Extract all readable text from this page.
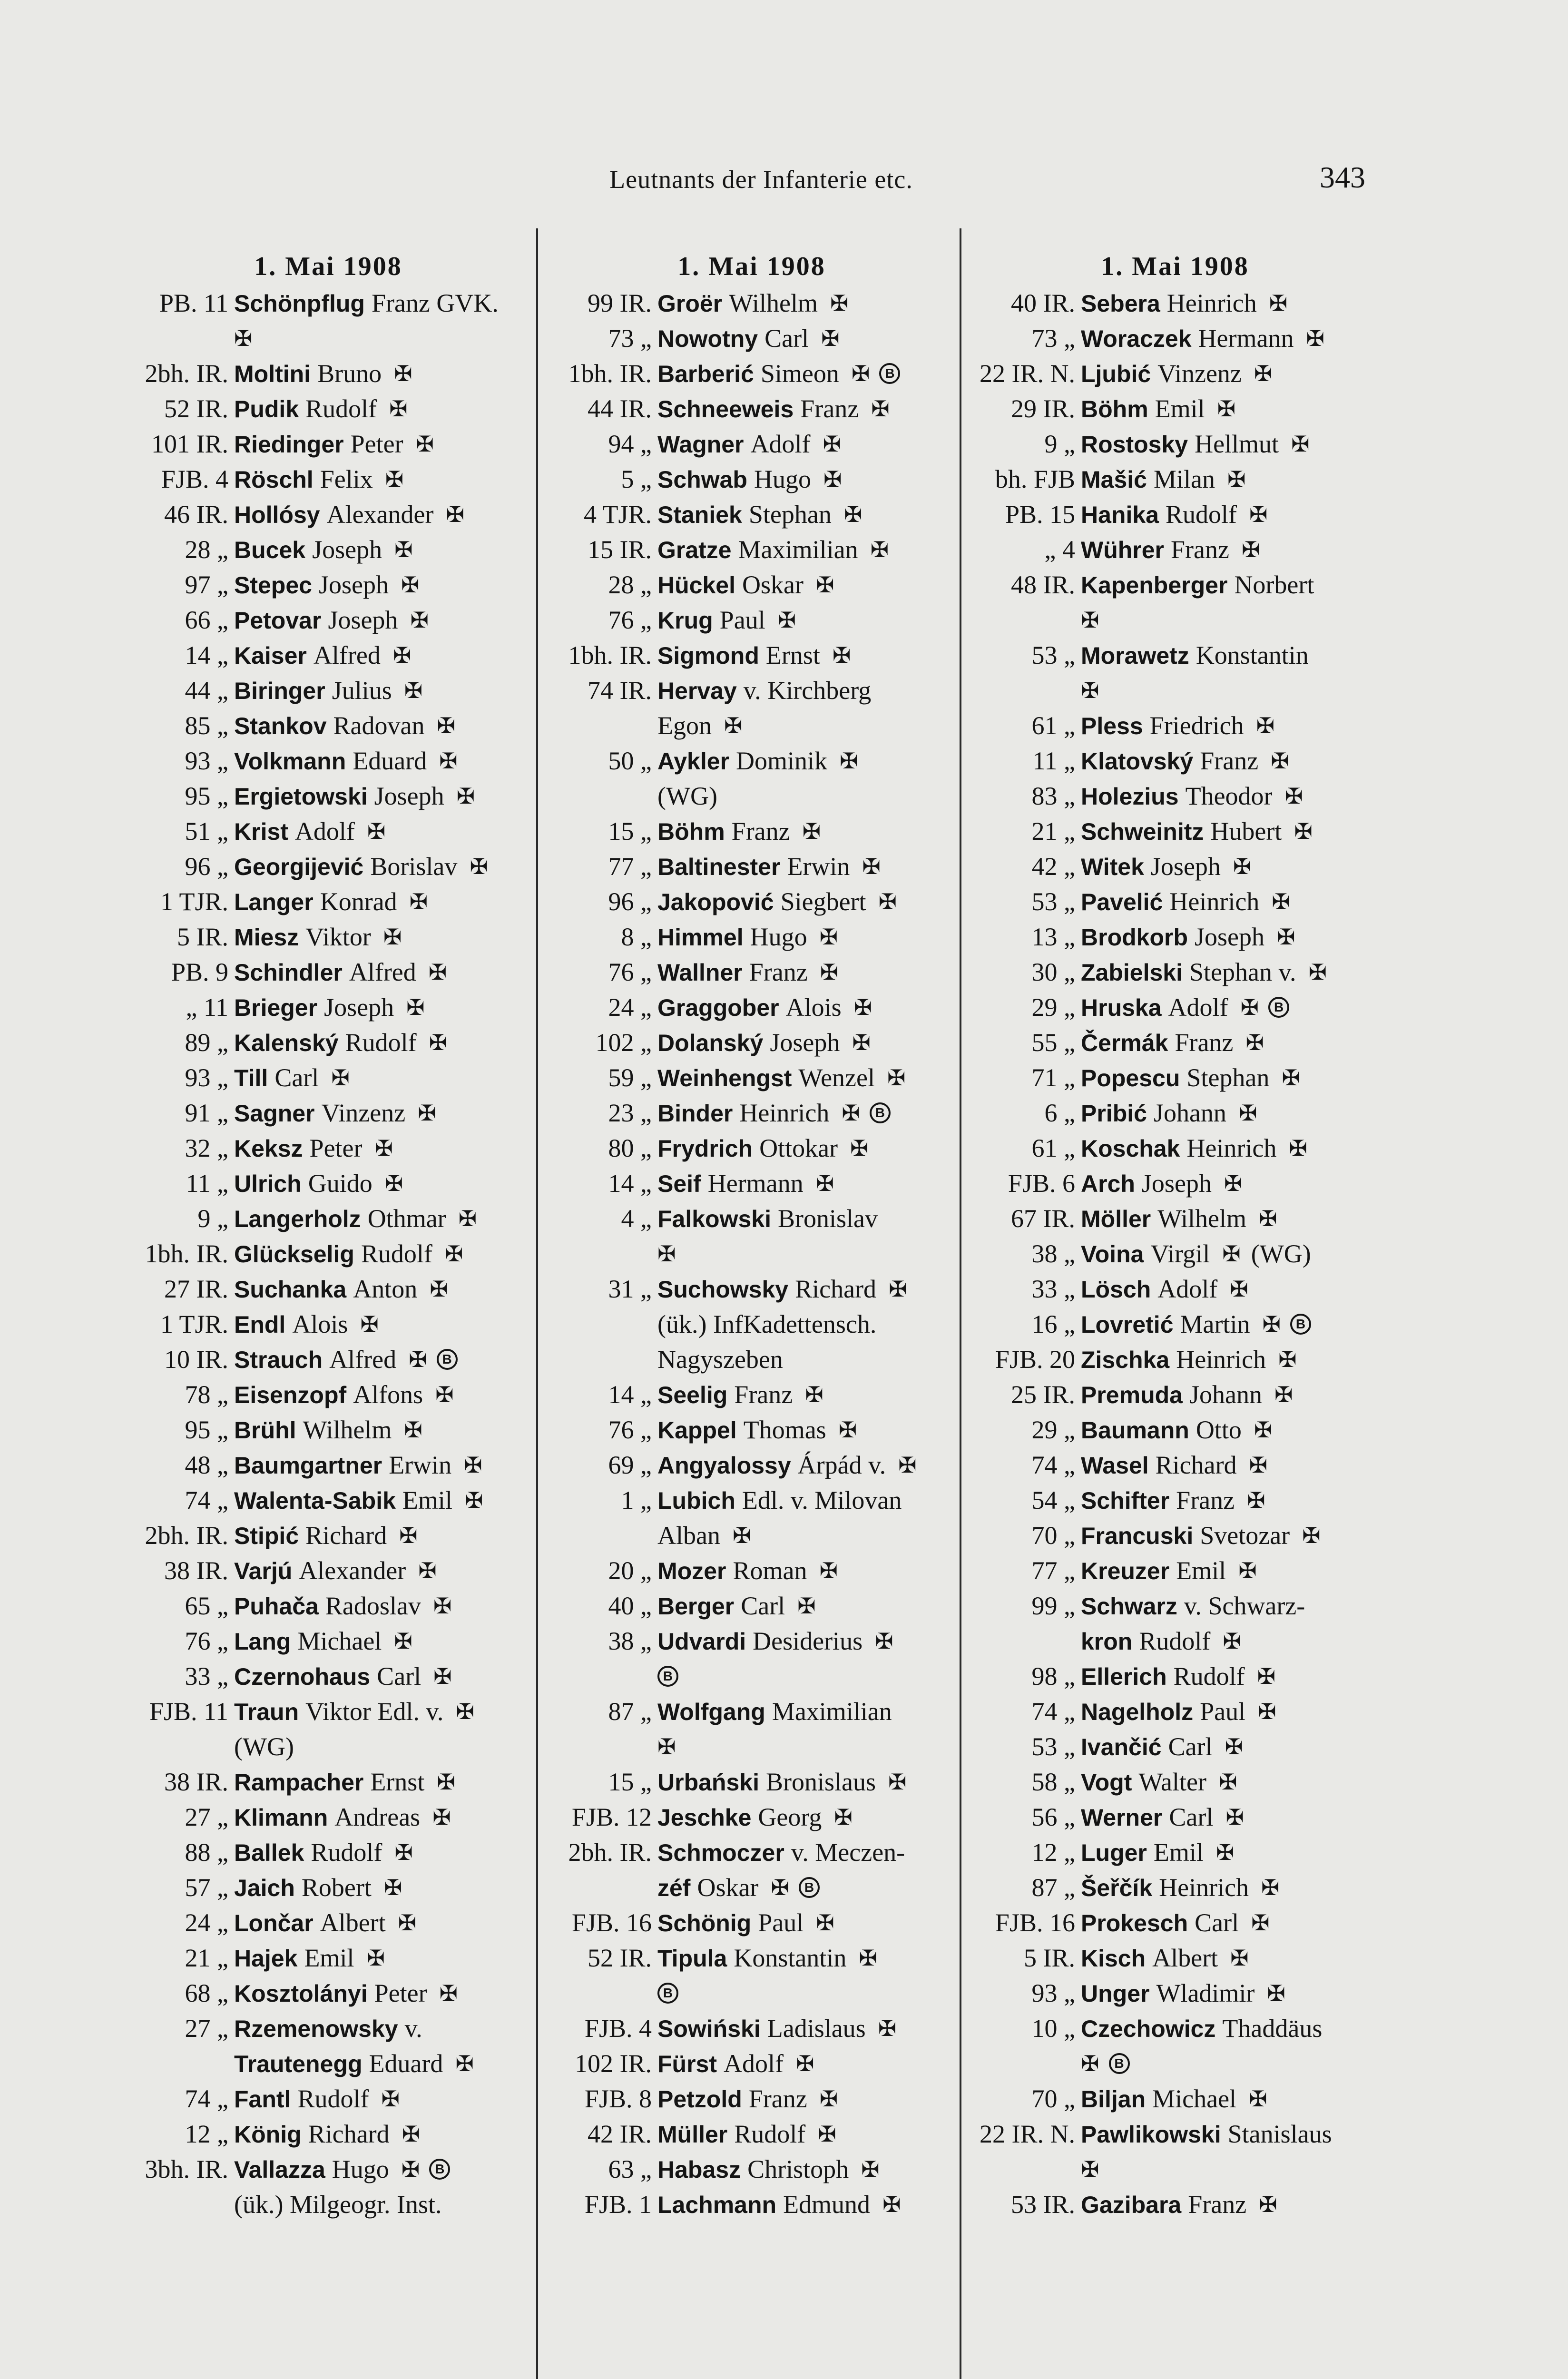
Leutnants der Infanterie etc.	343
1. Mai 1908
PB. 11 Schönpflug Franz GVK.
✠
2bh. IR. Moltini Bruno ✠
52 IR. Pudik Rudolf ✠
101 IR. Riedinger Peter ✠
FJB. 4 Röschl Felix ✠
46 IR. Hollósy Alexander ✠
28 „ Bucek Joseph ✠
97 „ Stepec Joseph ✠
66 „ Petovar Joseph ✠
14 „ Kaiser Alfred ✠
44 „ Biringer Julius ✠
85 „ Stankov Radovan ✠
93 „ Volkmann Eduard ✠
95 „ Ergietowski Joseph ✠
51 „ Krist Adolf ✠
96 „ Georgijević Borislav ✠
1 TJR. Langer Konrad ✠
5 IR. Miesz Viktor ✠
PB. 9 Schindler Alfred ✠
„ 11 Brieger Joseph ✠
89 „ Kalenský Rudolf ✠
93 „ Till Carl ✠
91 „ Sagner Vinzenz ✠
32 „ Keksz Peter ✠
11 „ Ulrich Guido ✠
9 „ Langerholz Othmar ✠
1bh. IR. Glückselig Rudolf ✠
27 IR. Suchanka Anton ✠
1 TJR. Endl Alois ✠
10 IR. Strauch Alfred ✠	B
78 „ Eisenzopf Alfons ✠
95 „ Brühl Wilhelm ✠
48 „ Baumgartner Erwin ✠
74 „ Walenta-Sabik Emil ✠
2bh. IR. Stipić Richard ✠
38 IR. Varjú Alexander ✠
65 „ Puhača Radoslav ✠
76 „ Lang Michael ✠
33 „ Czernohaus Carl ✠
FJB. 11 Traun Viktor Edl. v. ✠
(WG)
38 IR. Rampacher Ernst ✠
27 „ Klimann Andreas ✠
88 „ Ballek Rudolf ✠
57 „ Jaich Robert ✠
24 „ Lončar Albert ✠
21 „ Hajek Emil ✠
68 „ Kosztolányi Peter ✠
27 „ Rzemenowsky v.
Trautenegg Eduard ✠
74 „ Fantl Rudolf ✠
12 „ König Richard ✠
3bh. IR. Vallazza Hugo ✠	B
(ük.) Milgeogr. Inst.
1. Mai 1908
99 IR. Groër Wilhelm ✠
73 „ Nowotny Carl ✠
1bh. IR. Barberić Simeon ✠	B
44 IR. Schneeweis Franz ✠
94 „ Wagner Adolf ✠
5 „ Schwab Hugo ✠
4 TJR. Staniek Stephan ✠
15 IR. Gratze Maximilian ✠
28 „ Hückel Oskar ✠
76 „ Krug Paul ✠
1bh. IR. Sigmond Ernst ✠
74 IR. Hervay v. Kirchberg
Egon ✠
50 „ Aykler Dominik ✠
(WG)
15 „ Böhm Franz ✠
77 „ Baltinester Erwin ✠
96 „ Jakopović Siegbert ✠
8 „ Himmel Hugo ✠
76 „ Wallner Franz ✠
24 „ Graggober Alois ✠
102 „ Dolanský Joseph ✠
59 „ Weinhengst Wenzel ✠
23 „ Binder Heinrich ✠	B
80 „ Frydrich Ottokar ✠
14 „ Seif Hermann ✠
4 „ Falkowski Bronislav
✠
31 „ Suchowsky Richard ✠
(ük.) InfKadettensch.
Nagyszeben
14 „ Seelig Franz ✠
76 „ Kappel Thomas ✠
69 „ Angyalossy Árpád v. ✠
1 „ Lubich Edl. v. Milovan
Alban ✠
20 „ Mozer Roman ✠
40 „ Berger Carl ✠
38 „ Udvardi Desiderius ✠
B
87 „ Wolfgang Maximilian
✠
15 „ Urbański Bronislaus ✠
FJB. 12 Jeschke Georg ✠
2bh. IR. Schmoczer v. Meczen-
zéf Oskar ✠	B
FJB. 16 Schönig Paul ✠
52 IR. Tipula Konstantin ✠
B
FJB. 4 Sowiński Ladislaus ✠
102 IR. Fürst Adolf ✠
FJB. 8 Petzold Franz ✠
42 IR. Müller Rudolf ✠
63 „ Habasz Christoph ✠
FJB. 1 Lachmann Edmund ✠
1. Mai 1908
40 IR. Sebera Heinrich ✠
73 „ Woraczek Hermann ✠
22 IR. N. Ljubić Vinzenz ✠
29 IR. Böhm Emil ✠
9 „ Rostosky Hellmut ✠
bh. FJB Mašić Milan ✠
PB. 15 Hanika Rudolf ✠
„ 4 Wührer Franz ✠
48 IR. Kapenberger Norbert
✠
53 „ Morawetz Konstantin
✠
61 „ Pless Friedrich ✠
11 „ Klatovský Franz ✠
83 „ Holezius Theodor ✠
21 „ Schweinitz Hubert ✠
42 „ Witek Joseph ✠
53 „ Pavelić Heinrich ✠
13 „ Brodkorb Joseph ✠
30 „ Zabielski Stephan v. ✠
29 „ Hruska Adolf ✠	B
55 „ Čermák Franz ✠
71 „ Popescu Stephan ✠
6 „ Pribić Johann ✠
61 „ Koschak Heinrich ✠
FJB. 6 Arch Joseph ✠
67 IR. Möller Wilhelm ✠
38 „ Voina Virgil ✠ (WG)
33 „ Lösch Adolf ✠
16 „ Lovretić Martin ✠	B
FJB. 20 Zischka Heinrich ✠
25 IR. Premuda Johann ✠
29 „ Baumann Otto ✠
74 „ Wasel Richard ✠
54 „ Schifter Franz ✠
70 „ Francuski Svetozar ✠
77 „ Kreuzer Emil ✠
99 „ Schwarz v. Schwarz-
kron Rudolf ✠
98 „ Ellerich Rudolf ✠
74 „ Nagelholz Paul ✠
53 „ Ivančić Carl ✠
58 „ Vogt Walter ✠
56 „ Werner Carl ✠
12 „ Luger Emil ✠
87 „ Šeřčík Heinrich ✠
FJB. 16 Prokesch Carl ✠
5 IR. Kisch Albert ✠
93 „ Unger Wladimir ✠
10 „ Czechowicz Thaddäus
✠	B
70 „ Biljan Michael ✠
22 IR. N. Pawlikowski Stanislaus
✠
53 IR. Gazibara Franz ✠
